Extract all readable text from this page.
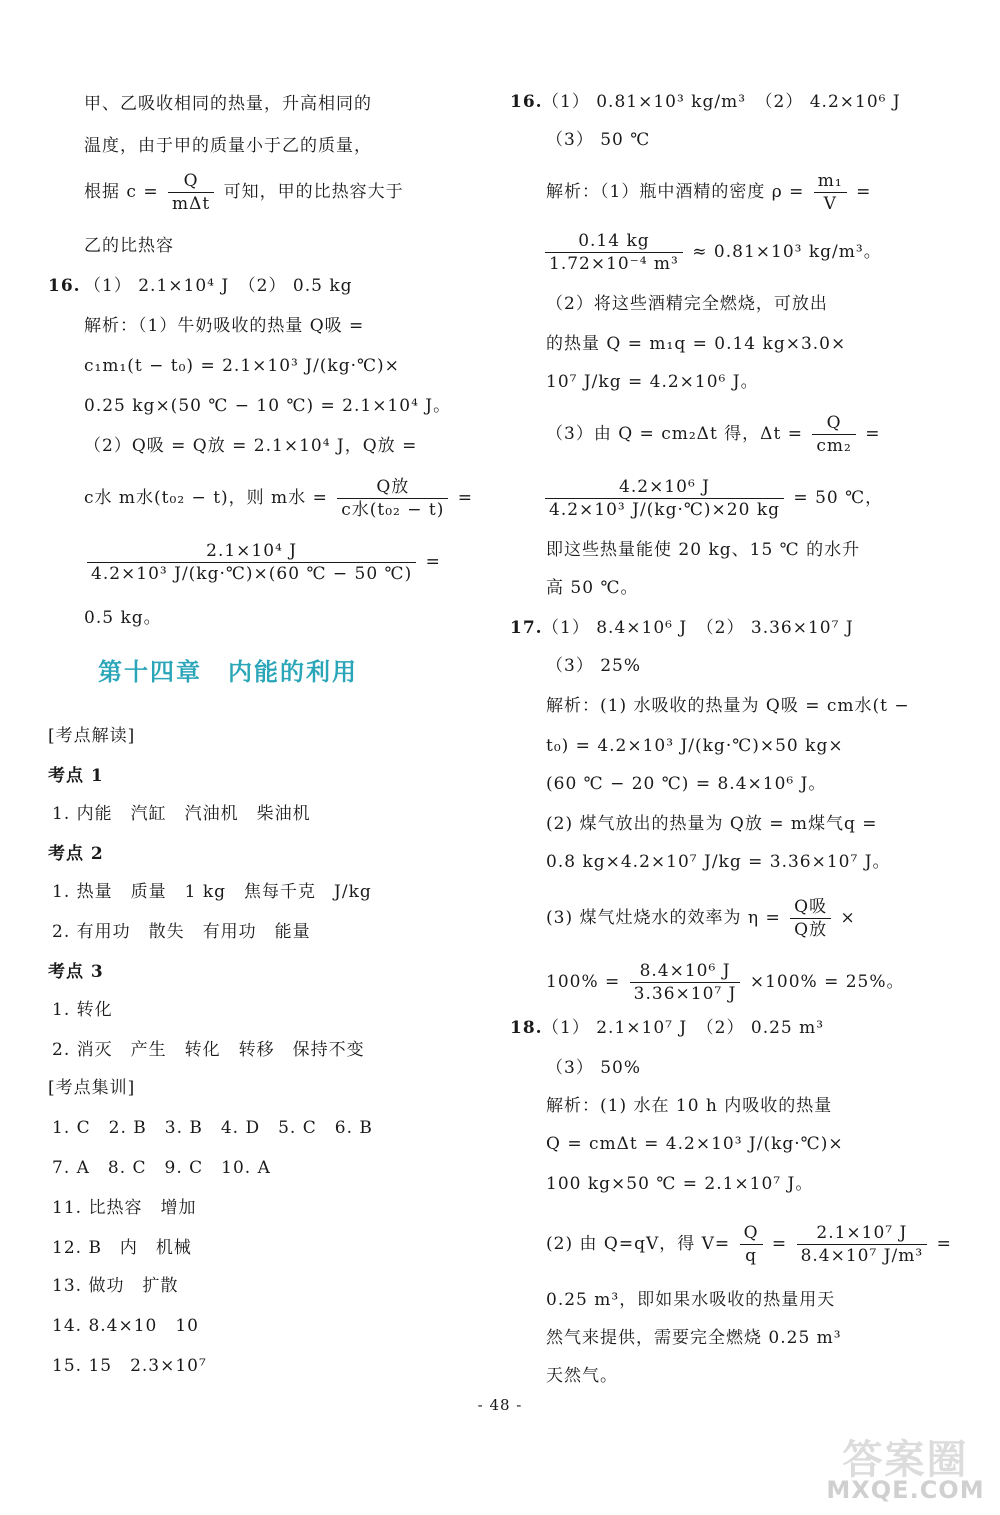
甲、乙吸收相同的热量，升高相同的
温度，由于甲的质量小于乙的质量，
根据 $c = \frac{Q}{\text{mΔt}}$ 可知，甲的比热容大于
乙的比热容
16. （1） 2.1×10⁴ J　（2） 0.5 kg
解析：（1）牛奶吸收的热量 Q吸 =
c₁m₁(t − t₀) = 2.1×10³ J/(kg·℃)×
0.25 kg×(50 ℃ − 10 ℃) = 2.1×10⁴ J。
（2）Q吸 = Q放 = 2.1×10⁴ J，Q放 =
c水 m水(t₀₂ − t)，则 m水 = $\frac{\text{Q放}}{\text{c水(t₀₂ − t)}}$ =
$\frac{\text{2.1×10⁴ J}}{\text{4.2×10³ J/(kg·℃)×(60 ℃ − 50 ℃)}}$ =
0.5 kg。
第十四章　内能的利用
[考点解读]
考点 1
1. 内能　汽缸　汽油机　柴油机
考点 2
1. 热量　质量　1 kg　焦每千克　J/kg
2. 有用功　散失　有用功　能量
考点 3
1. 转化
2. 消灭　产生　转化　转移　保持不变
[考点集训]
1. C　2. B　3. B　4. D　5. C　6. B
7. A　8. C　9. C　10. A
11. 比热容　增加
12. B　内　机械
13. 做功　扩散
14. 8.4×10　10
15. 15　2.3×10⁷
16. （1） 0.81×10³ kg/m³　（2） 4.2×10⁶ J
（3） 50 ℃
解析：（1）瓶中酒精的密度 $\rho = \frac{\text{m₁}}{V}$ =
$\frac{0.14 kg}{\text{1.72×10⁻⁴ m³}} \approx 0.81\times 10^3$ kg/m³。
（2）将这些酒精完全燃烧，可放出
的热量 Q = m₁q = 0.14 kg×3.0×
10⁷ J/kg = 4.2×10⁶ J。
（3）由 Q = cm₂Δt 得，$\Delta t = \frac{Q}{\text{cm₂}}$ =
$\frac{\text{4.2×10⁶ J}}{\text{4.2×10³ J/(kg·℃)×20 kg}} = 50$ ℃，
即这些热量能使 20 kg、15 ℃ 的水升
高 50 ℃。
17. （1） 8.4×10⁶ J　（2） 3.36×10⁷ J
（3） 25%
解析：(1) 水吸收的热量为 Q吸 = cm水(t −
t₀) = 4.2×10³ J/(kg·℃)×50 kg×
(60 ℃ − 20 ℃) = 8.4×10⁶ J。
(2) 煤气放出的热量为 Q放 = m煤气q =
0.8 kg×4.2×10⁷ J/kg = 3.36×10⁷ J。
(3) 煤气灶烧水的效率为 $\eta = \frac{\text{Q吸}}{\text{Q放}}$ ×
$100\% = \frac{\text{8.4×10⁶ J}}{\text{3.36×10⁷ J}} \times 100\% = 25\%$。
18. （1） 2.1×10⁷ J　（2） 0.25 m³
（3） 50%
解析：(1) 水在 10 h 内吸收的热量
Q = cmΔt = 4.2×10³ J/(kg·℃)×
100 kg×50 ℃ = 2.1×10⁷ J。
(2) 由 Q=qV，得 $V= \frac{Q}{q} = \frac{\text{2.1×10⁷ J}}{\text{8.4×10⁷ J/m³}}$ =
0.25 m³，即如果水吸收的热量用天
然气来提供，需要完全燃烧 0.25 m³
天然气。
- 48 -
答案圈
MXQE.COM
